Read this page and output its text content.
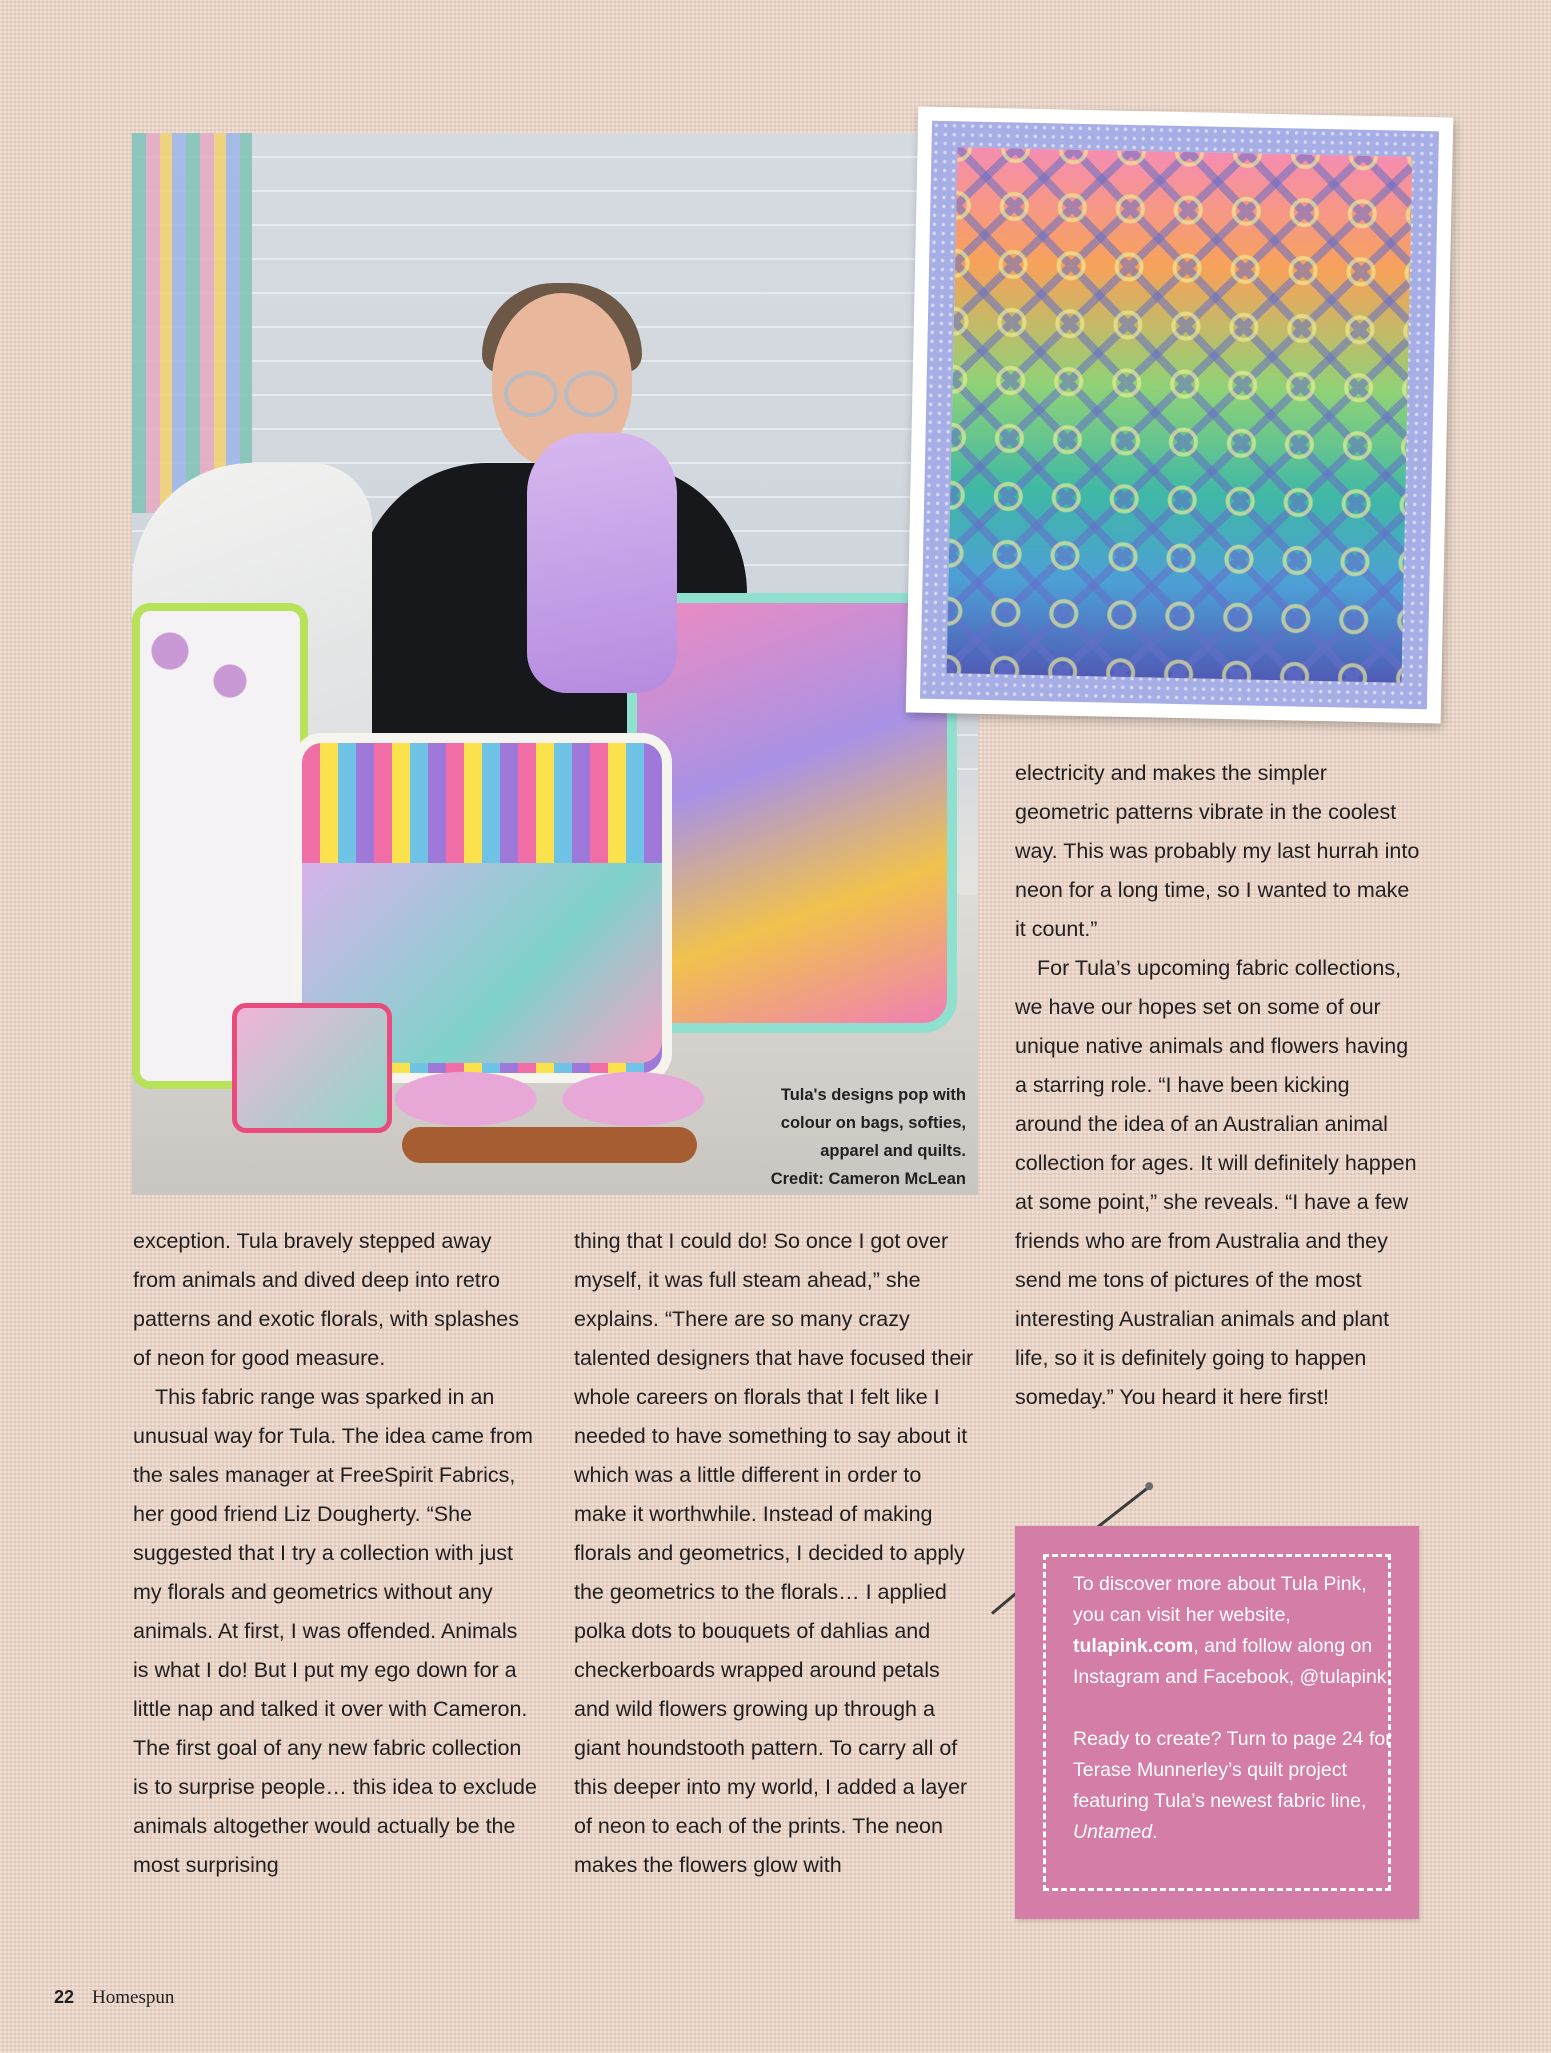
Tula's designs pop with
colour on bags, softies,
apparel and quilts.
Credit: Cameron McLean

exception. Tula bravely stepped away from animals and dived deep into retro patterns and exotic florals, with splashes of neon for good measure.

This fabric range was sparked in an unusual way for Tula. The idea came from the sales manager at FreeSpirit Fabrics, her good friend Liz Dougherty. “She suggested that I try a collection with just my florals and geometrics without any animals. At first, I was offended. Animals is what I do! But I put my ego down for a little nap and talked it over with Cameron. The first goal of any new fabric collection is to surprise people… this idea to exclude animals altogether would actually be the most surprising

thing that I could do! So once I got over myself, it was full steam ahead,” she explains. “There are so many crazy talented designers that have focused their whole careers on florals that I felt like I needed to have something to say about it which was a little different in order to make it worthwhile. Instead of making florals and geometrics, I decided to apply the geometrics to the florals… I applied polka dots to bouquets of dahlias and checkerboards wrapped around petals and wild flowers growing up through a giant houndstooth pattern. To carry all of this deeper into my world, I added a layer of neon to each of the prints. The neon makes the flowers glow with

electricity and makes the simpler geometric patterns vibrate in the coolest way. This was probably my last hurrah into neon for a long time, so I wanted to make it count.”

For Tula’s upcoming fabric collections, we have our hopes set on some of our unique native animals and flowers having a starring role. “I have been kicking around the idea of an Australian animal collection for ages. It will definitely happen at some point,” she reveals. “I have a few friends who are from Australia and they send me tons of pictures of the most interesting Australian animals and plant life, so it is definitely going to happen someday.” You heard it here first!

To discover more about Tula Pink, you can visit her website, tulapink.com, and follow along on Instagram and Facebook, @tulapink

Ready to create? Turn to page 24 for Terase Munnerley’s quilt project featuring Tula’s newest fabric line, Untamed.

22 Homespun
